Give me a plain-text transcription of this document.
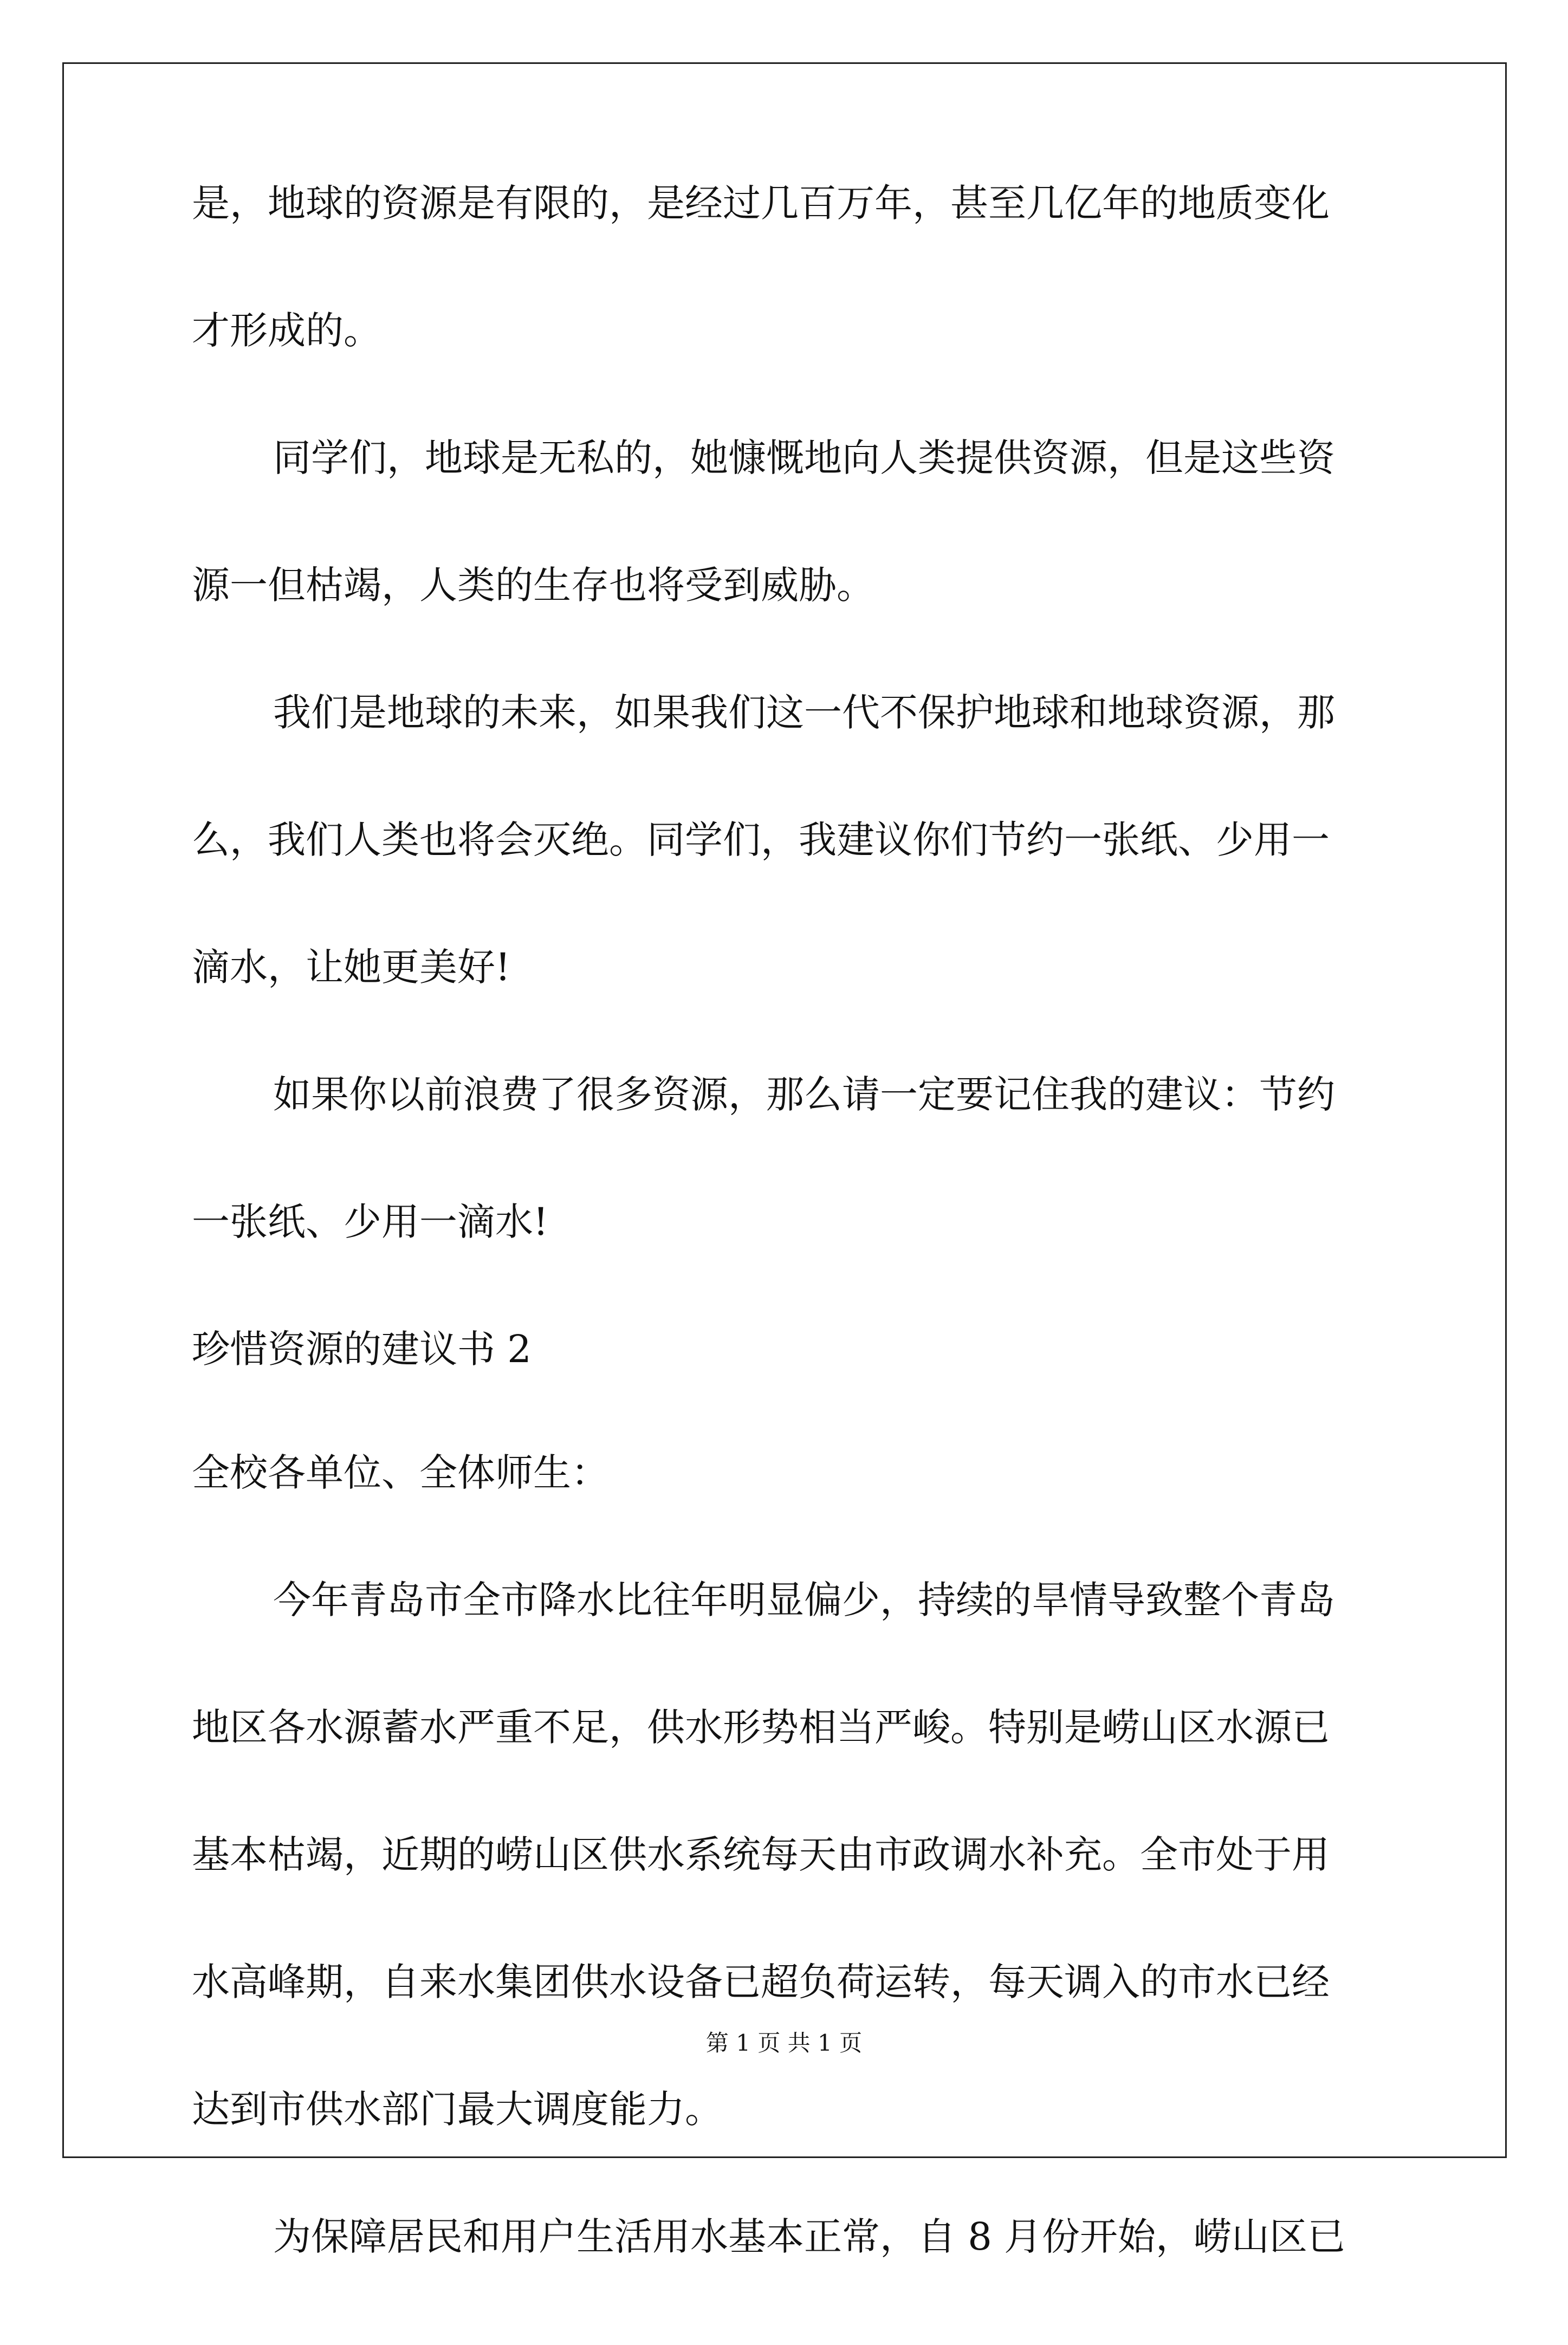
是，地球的资源是有限的，是经过几百万年，甚至几亿年的地质变化
才形成的。
同学们，地球是无私的，她慷慨地向人类提供资源，但是这些资
源一但枯竭，人类的生存也将受到威胁。
我们是地球的未来，如果我们这一代不保护地球和地球资源，那
么，我们人类也将会灭绝。同学们，我建议你们节约一张纸、少用一
滴水，让她更美好!
如果你以前浪费了很多资源，那么请一定要记住我的建议：节约
一张纸、少用一滴水!
珍惜资源的建议书 2
全校各单位、全体师生：
今年青岛市全市降水比往年明显偏少，持续的旱情导致整个青岛
地区各水源蓄水严重不足，供水形势相当严峻。特别是崂山区水源已
基本枯竭，近期的崂山区供水系统每天由市政调水补充。全市处于用
水高峰期，自来水集团供水设备已超负荷运转，每天调入的市水已经
达到市供水部门最大调度能力。
为保障居民和用户生活用水基本正常，自 8 月份开始，崂山区已
第 1 页 共 1 页
